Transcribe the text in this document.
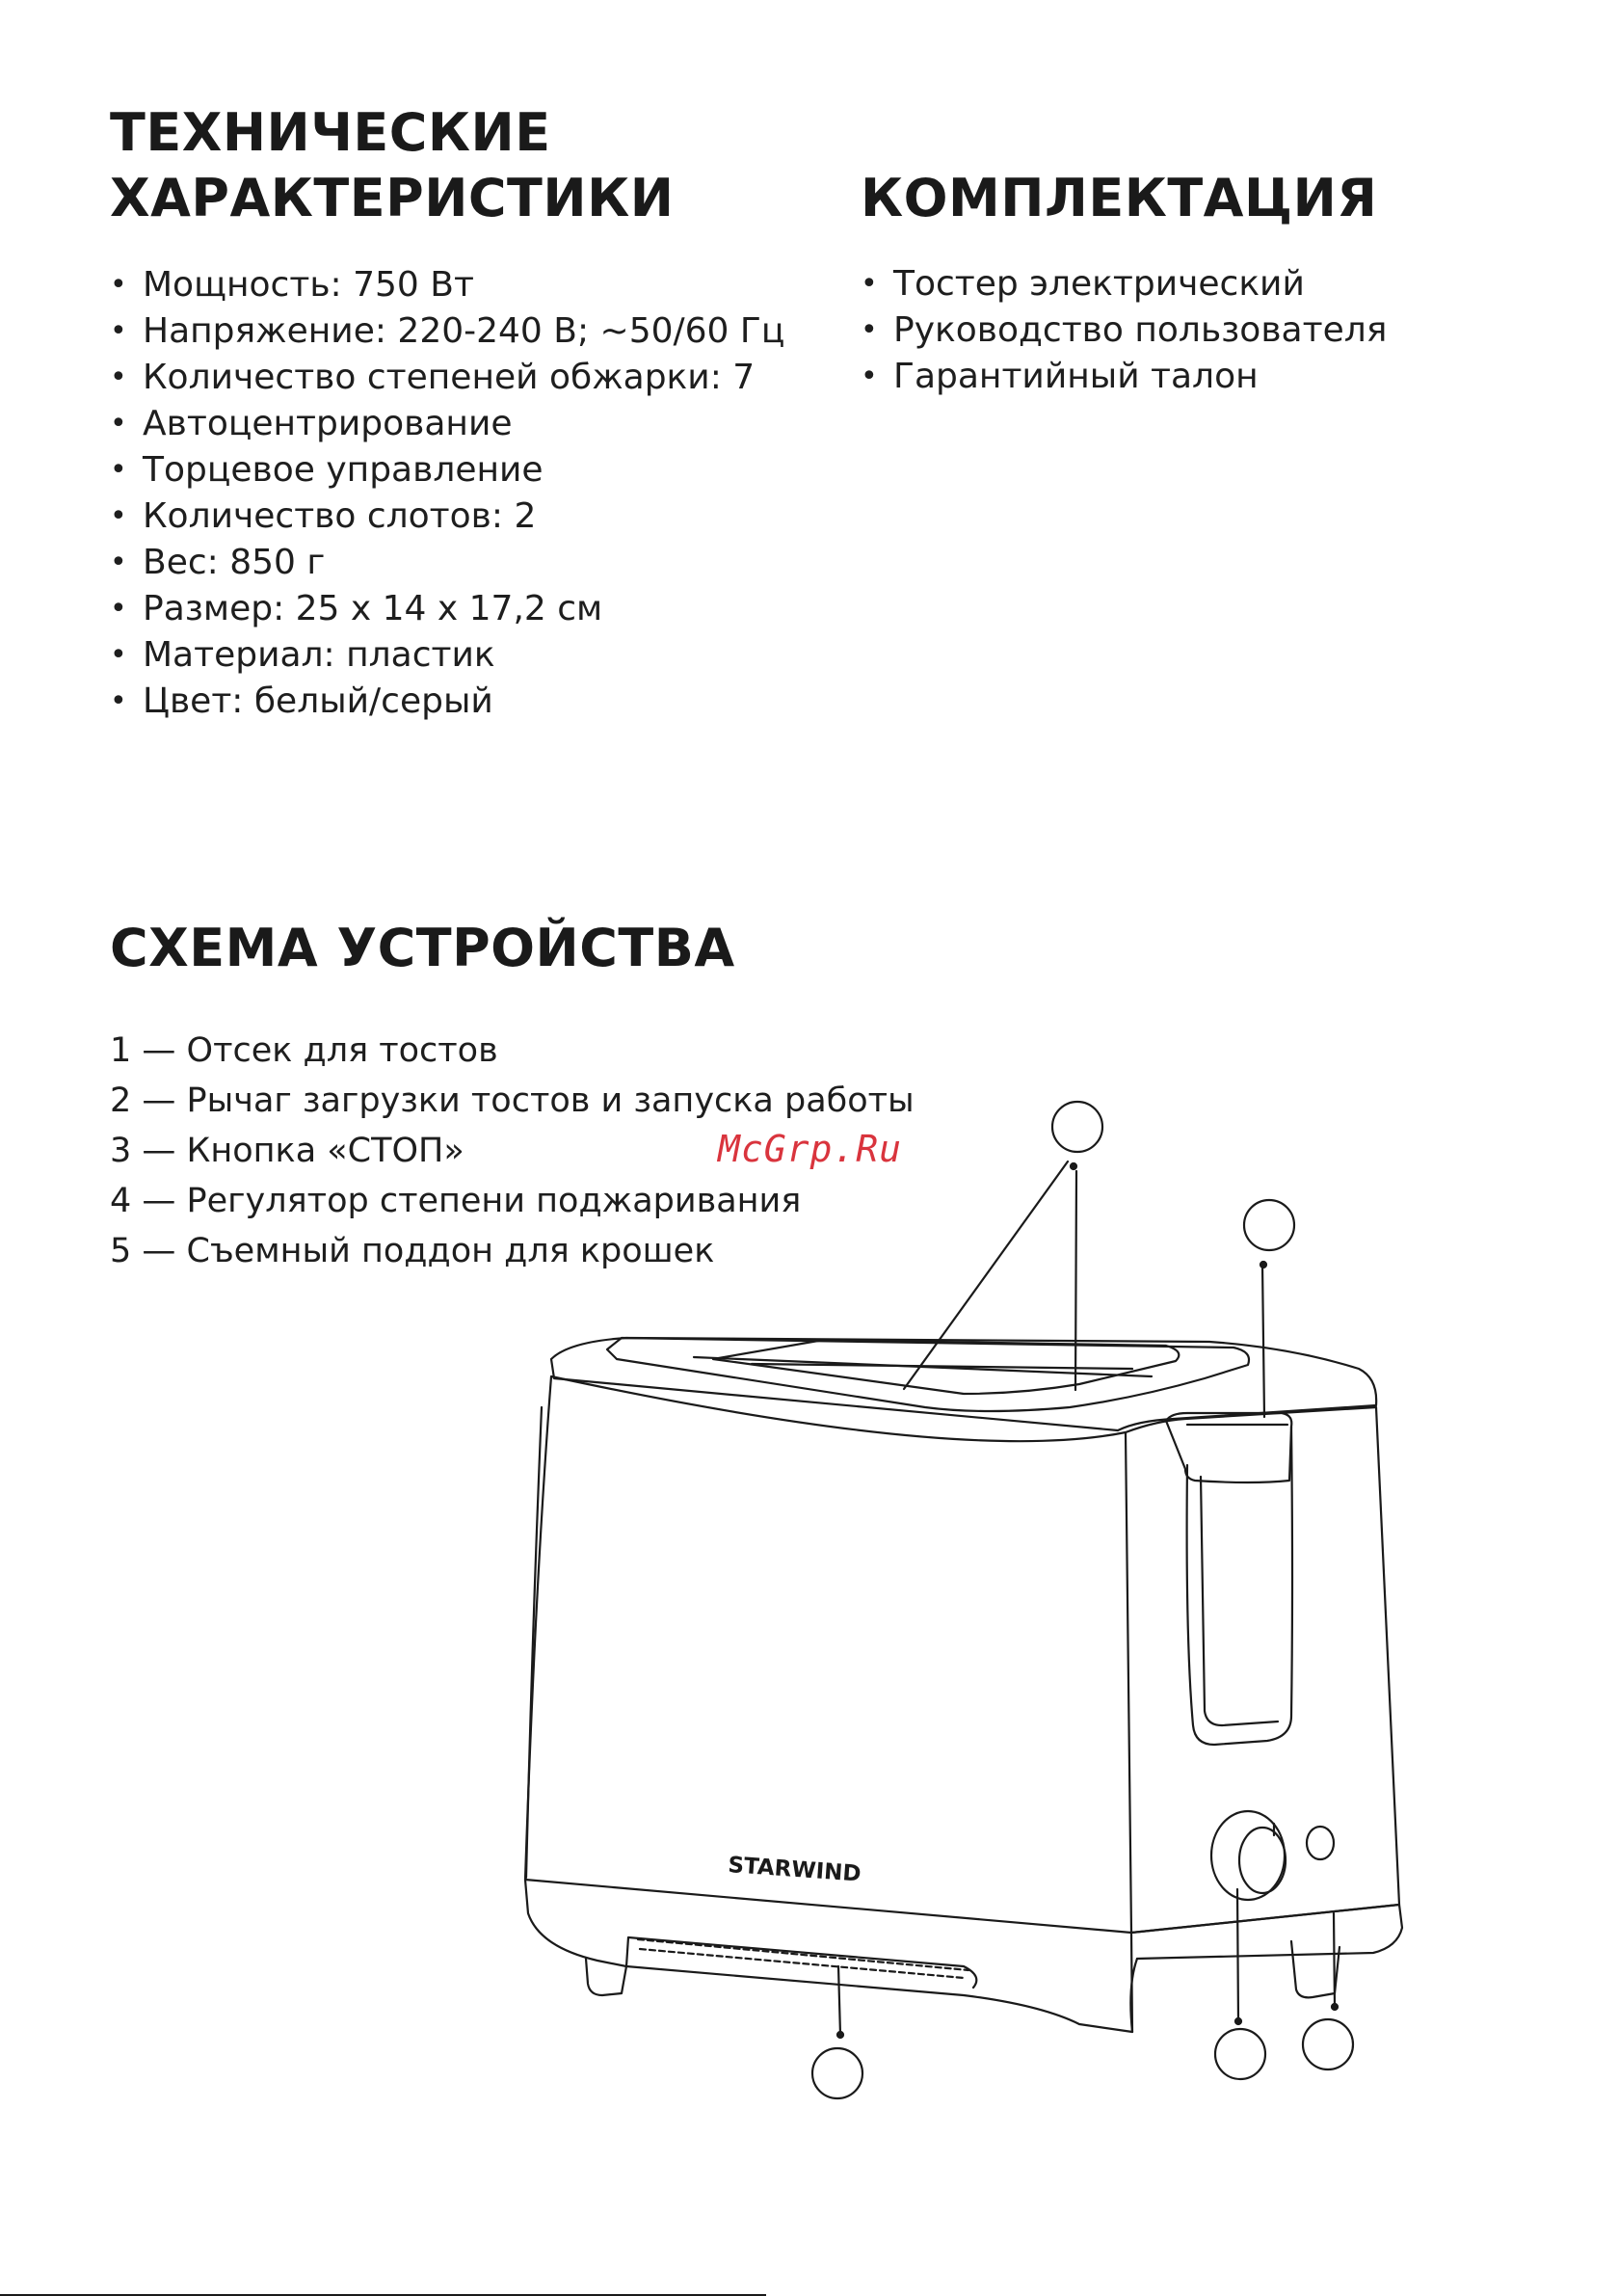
ТЕХНИЧЕСКИЕ
ХАРАКТЕРИСТИКИ
• Мощность: 750 Вт
• Напряжение: 220-240 В; ~50/60 Гц
• Количество степеней обжарки: 7
• Автоцентрирование
• Торцевое управление
• Количество слотов: 2
• Вес: 850 г
• Размер: 25 х 14 х 17,2 см
• Материал: пластик
• Цвет: белый/серый
КОМПЛЕКТАЦИЯ
• Тостер электрический
• Руководство пользователя
• Гарантийный талон
СХЕМА УСТРОЙСТВА
1 — Отсек для тостов
2 — Рычаг загрузки тостов и запуска работы
3 — Кнопка «СТОП»
4 — Регулятор степени поджаривания
5 — Съемный поддон для крошек
McGrp.Ru
STARWIND
